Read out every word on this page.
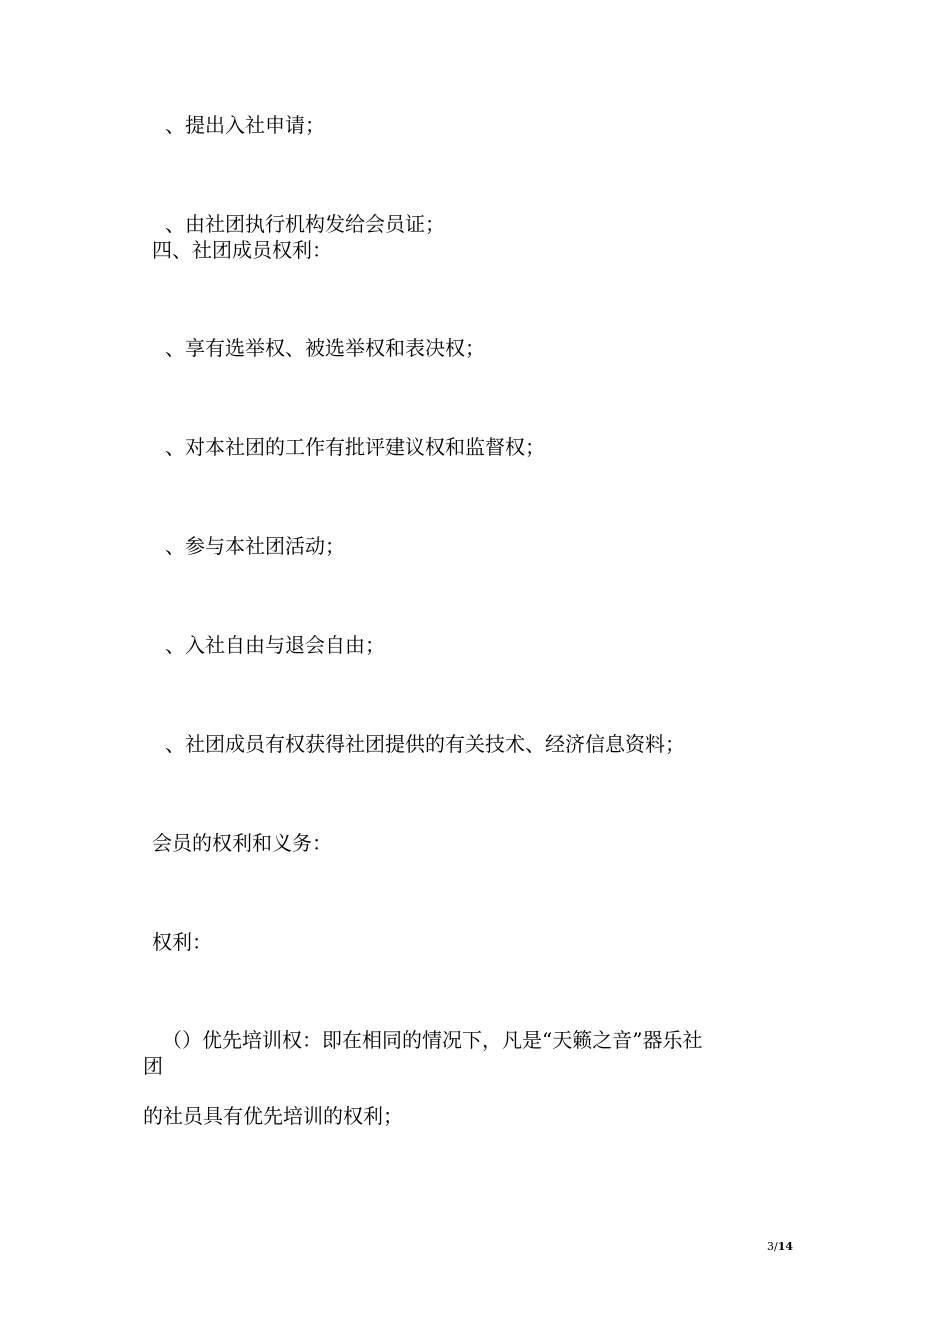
、提出入社申请；
、由社团执行机构发给会员证；
四、社团成员权利：
、享有选举权、被选举权和表决权；
、对本社团的工作有批评建议权和监督权；
、参与本社团活动；
、入社自由与退会自由；
、社团成员有权获得社团提供的有关技术、经济信息资料；
会员的权利和义务：
权利：
（）优先培训权：即在相同的情况下，凡是“天籁之音”器乐社
团
的社员具有优先培训的权利；
3/14
